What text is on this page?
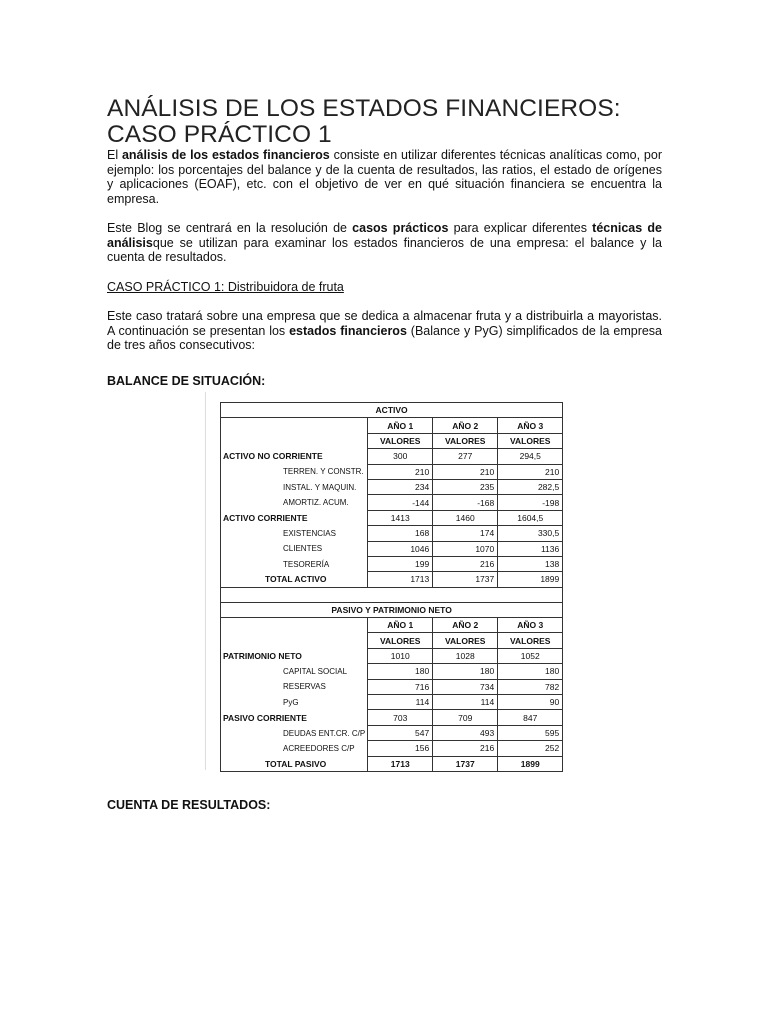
ANÁLISIS DE LOS ESTADOS FINANCIEROS: CASO PRÁCTICO 1

El análisis de los estados financieros consiste en utilizar diferentes técnicas analíticas como, por ejemplo: los porcentajes del balance y de la cuenta de resultados, las ratios, el estado de orígenes y aplicaciones (EOAF), etc. con el objetivo de ver en qué situación financiera se encuentra la empresa.

Este Blog se centrará en la resolución de casos prácticos para explicar diferentes técnicas de análisisque se utilizan para examinar los estados financieros de una empresa: el balance y la cuenta de resultados.

CASO PRÁCTICO 1: Distribuidora de fruta

Este caso tratará sobre una empresa que se dedica a almacenar fruta y a distribuirla a mayoristas. A continuación se presentan los estados financieros (Balance y PyG) simplificados de la empresa de tres años consecutivos:

BALANCE DE SITUACIÓN:
ACTIVO			
	AÑO 1	AÑO 2	AÑO 3
	VALORES	VALORES	VALORES
ACTIVO NO CORRIENTE	300	277	294,5
TERREN. Y CONSTR.	210	210	210
INSTAL. Y MAQUIN.	234	235	282,5
AMORTIZ. ACUM.	-144	-168	-198
ACTIVO CORRIENTE	1413	1460	1604,5
EXISTENCIAS	168	174	330,5
CLIENTES	1046	1070	1136
TESORERÍA	199	216	138
TOTAL ACTIVO	1713	1737	1899

PASIVO Y PATRIMONIO NETO			
	AÑO 1	AÑO 2	AÑO 3
	VALORES	VALORES	VALORES
PATRIMONIO NETO	1010	1028	1052
CAPITAL SOCIAL	180	180	180
RESERVAS	716	734	782
PyG	114	114	90
PASIVO CORRIENTE	703	709	847
DEUDAS ENT.CR. C/P	547	493	595
ACREEDORES C/P	156	216	252
TOTAL PASIVO	1713	1737	1899
CUENTA DE RESULTADOS:
